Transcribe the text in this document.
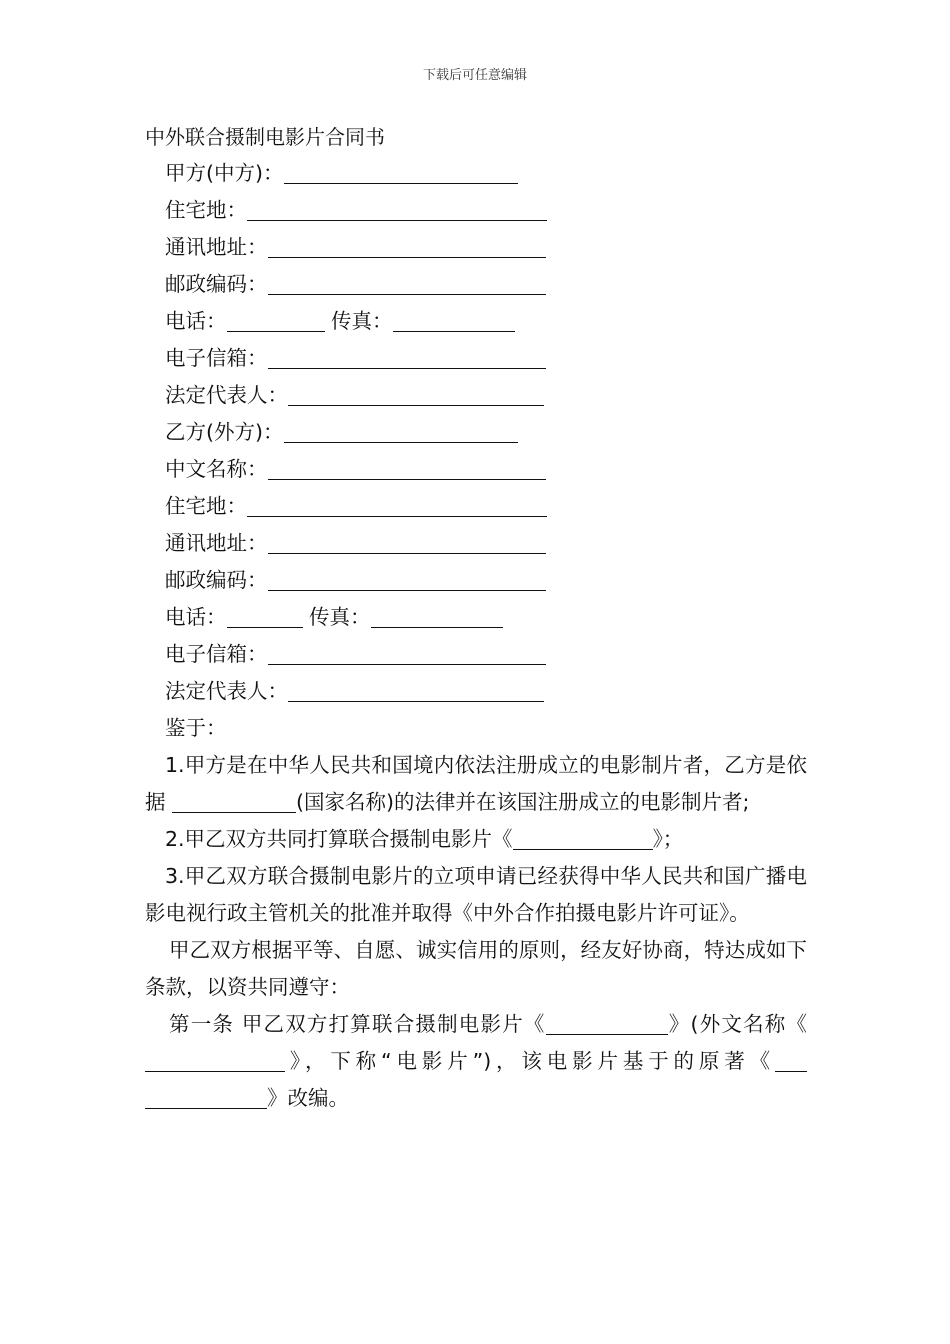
下载后可任意编辑
中外联合摄制电影片合同书
甲方(中方)：
住宅地：
通讯地址：
邮政编码：
电话：	传真：
电子信箱：
法定代表人：
乙方(外方)：
中文名称：
住宅地：
通讯地址：
邮政编码：
电话：	传真：
电子信箱：
法定代表人：
鉴于：
1.甲方是在中华人民共和国境内依法注册成立的电影制片者，乙方是依据	(国家名称)的法律并在该国注册成立的电影制片者;
2.甲乙双方共同打算联合摄制电影片《	》；
3.甲乙双方联合摄制电影片的立项申请已经获得中华人民共和国广播电影电视行政主管机关的批准并取得《中外合作拍摄电影片许可证》。
甲乙双方根据平等、自愿、诚实信用的原则，经友好协商，特达成如下条款，以资共同遵守：
第一条 甲乙双方打算联合摄制电影片《	》(外文名称《》，下称“电影片”)，该电影片基于的原著《》改编。
